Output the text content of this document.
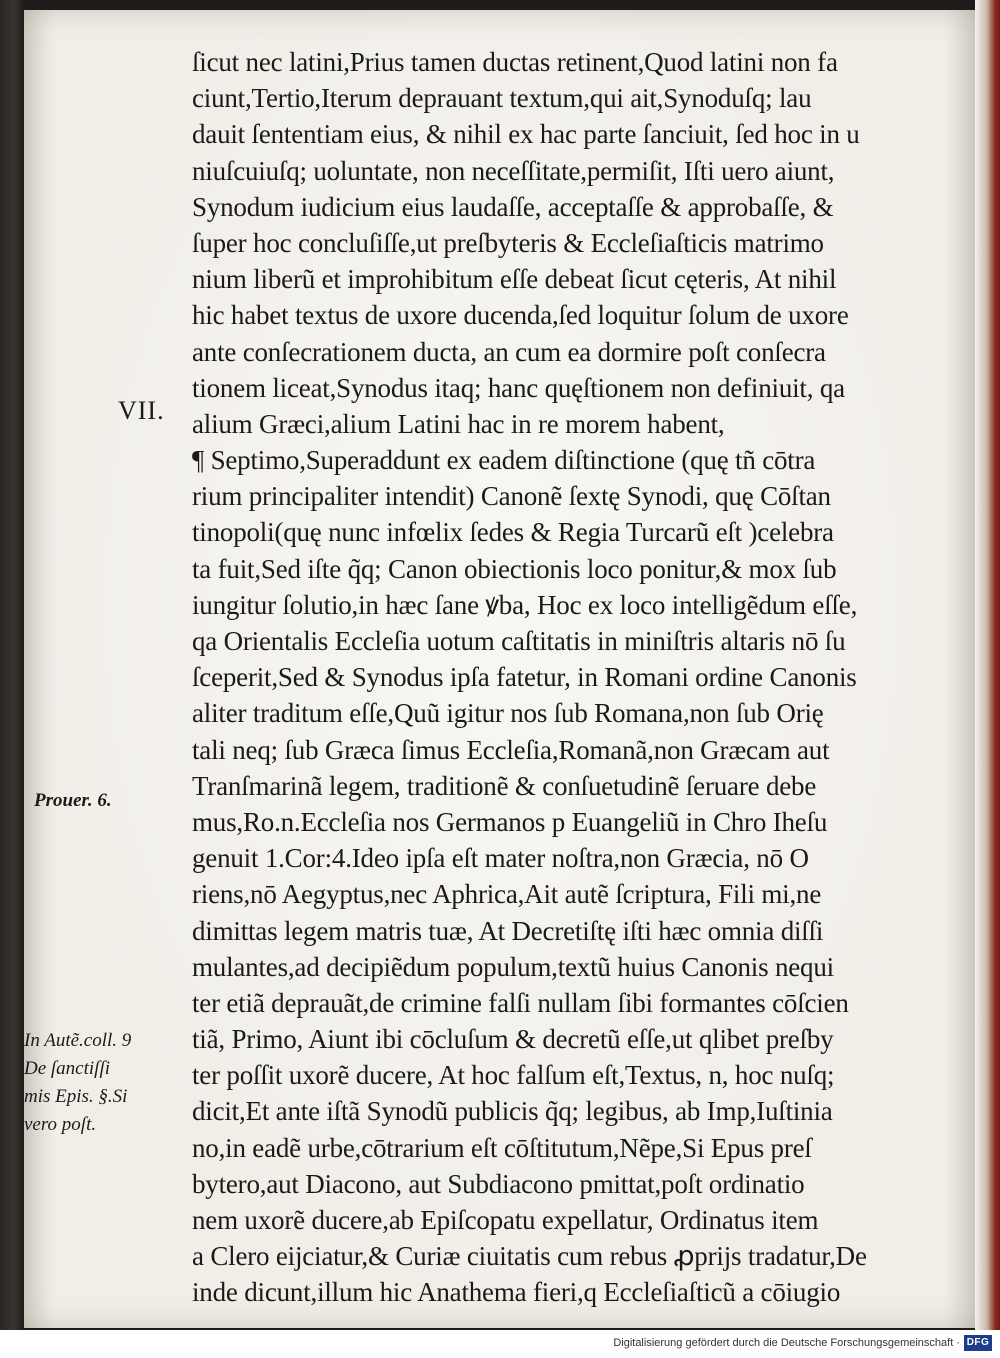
VII.
ſicut nec latini,Prius tamen ductas retinent,Quod latini non fa
ciunt,Tertio,Iterum deprauant textum,qui ait,Synoduſq; lau
dauit ſententiam eius, & nihil ex hac parte ſanciuit, ſed hoc in u
niuſcuiuſq; uoluntate, non neceſſitate,permiſit, Iſti uero aiunt,
Synodum iudicium eius laudaſſe, acceptaſſe & approbaſſe, &
ſuper hoc concluſiſſe,ut preſbyteris & Eccleſiaſticis matrimo
nium liberũ et improhibitum eſſe debeat ſicut cęteris, At nihil
hic habet textus de uxore ducenda,ſed loquitur ſolum de uxore
ante conſecrationem ducta, an cum ea dormire poſt conſecra
tionem liceat,Synodus itaq; hanc quęſtionem non definiuit, qa
alium Græci,alium Latini hac in re morem habent,
¶ Septimo,Superaddunt ex eadem diſtinctione (quę tñ cōtra
rium principaliter intendit) Canonẽ ſextę Synodi, quę Cōſtan
tinopoli(quę nunc infœlix ſedes & Regia Turcarũ eſt )celebra
ta fuit,Sed iſte q̃q; Canon obiectionis loco ponitur,& mox ſub
iungitur ſolutio,in hæc ſane ꝟba, Hoc ex loco intelligẽdum eſſe,
qa Orientalis Eccleſia uotum caſtitatis in miniſtris altaris nō ſu
ſceperit,Sed & Synodus ipſa fatetur, in Romani ordine Canonis
aliter traditum eſſe,Quũ igitur nos ſub Romana,non ſub Orię
tali neq; ſub Græca ſimus Eccleſia,Romanã,non Græcam aut
Tranſmarinã legem, traditionẽ & conſuetudinẽ ſeruare debe
mus,Ro.n.Eccleſia nos Germanos p Euangeliũ in Chro Iheſu
genuit 1.Cor:4.Ideo ipſa eſt mater noſtra,non Græcia, nō O
riens,nō Aegyptus,nec Aphrica,Ait autẽ ſcriptura, Fili mi,ne
dimittas legem matris tuæ, At Decretiſtę iſti hæc omnia diſſi
mulantes,ad decipiẽdum populum,textũ huius Canonis nequi
ter etiã deprauãt,de crimine falſi nullam ſibi formantes cōſcien
tiã, Primo, Aiunt ibi cōcluſum & decretũ eſſe,ut qlibet preſby
ter poſſit uxorẽ ducere, At hoc falſum eſt,Textus, n, hoc nuſq;
dicit,Et ante iſtã Synodũ publicis q̃q; legibus, ab Imp,Iuſtinia
no,in eadẽ urbe,cōtrarium eſt cōſtitutum,Nẽpe,Si Epus preſ
bytero,aut Diacono, aut Subdiacono pmittat,poſt ordinatio
nem uxorẽ ducere,ab Epiſcopatu expellatur, Ordinatus item
a Clero eijciatur,& Curiæ ciuitatis cum rebus ꝓprijs tradatur,De
inde dicunt,illum hic Anathema fieri,q Eccleſiaſticũ a cōiugio
Prouer. 6.
In Autẽ.coll. 9
De ſanctiſſi
mis Epis. §.Si
vero poſt.
Digitalisierung gefördert durch die Deutsche Forschungsgemeinschaft · DFG
